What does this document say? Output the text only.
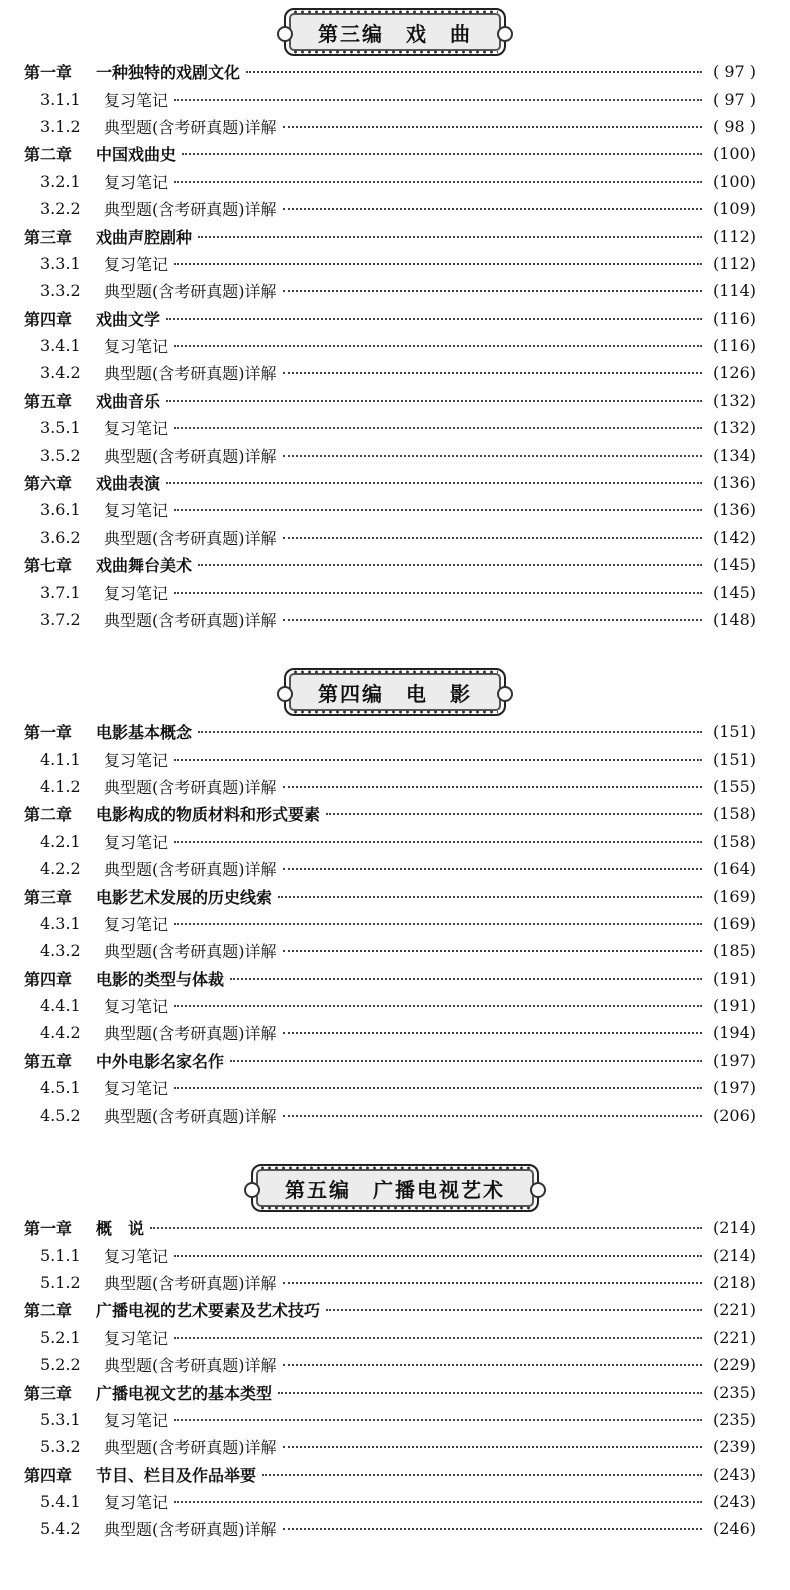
第三编　戏　曲
第一章	一种独特的戏剧文化	( 97 )
3.1.1	复习笔记	( 97 )
3.1.2	典型题(含考研真题)详解	( 98 )
第二章	中国戏曲史	(100)
3.2.1	复习笔记	(100)
3.2.2	典型题(含考研真题)详解	(109)
第三章	戏曲声腔剧种	(112)
3.3.1	复习笔记	(112)
3.3.2	典型题(含考研真题)详解	(114)
第四章	戏曲文学	(116)
3.4.1	复习笔记	(116)
3.4.2	典型题(含考研真题)详解	(126)
第五章	戏曲音乐	(132)
3.5.1	复习笔记	(132)
3.5.2	典型题(含考研真题)详解	(134)
第六章	戏曲表演	(136)
3.6.1	复习笔记	(136)
3.6.2	典型题(含考研真题)详解	(142)
第七章	戏曲舞台美术	(145)
3.7.1	复习笔记	(145)
3.7.2	典型题(含考研真题)详解	(148)
第四编　电　影
第一章	电影基本概念	(151)
4.1.1	复习笔记	(151)
4.1.2	典型题(含考研真题)详解	(155)
第二章	电影构成的物质材料和形式要素	(158)
4.2.1	复习笔记	(158)
4.2.2	典型题(含考研真题)详解	(164)
第三章	电影艺术发展的历史线索	(169)
4.3.1	复习笔记	(169)
4.3.2	典型题(含考研真题)详解	(185)
第四章	电影的类型与体裁	(191)
4.4.1	复习笔记	(191)
4.4.2	典型题(含考研真题)详解	(194)
第五章	中外电影名家名作	(197)
4.5.1	复习笔记	(197)
4.5.2	典型题(含考研真题)详解	(206)
第五编　广播电视艺术
第一章	概　说	(214)
5.1.1	复习笔记	(214)
5.1.2	典型题(含考研真题)详解	(218)
第二章	广播电视的艺术要素及艺术技巧	(221)
5.2.1	复习笔记	(221)
5.2.2	典型题(含考研真题)详解	(229)
第三章	广播电视文艺的基本类型	(235)
5.3.1	复习笔记	(235)
5.3.2	典型题(含考研真题)详解	(239)
第四章	节目、栏目及作品举要	(243)
5.4.1	复习笔记	(243)
5.4.2	典型题(含考研真题)详解	(246)
